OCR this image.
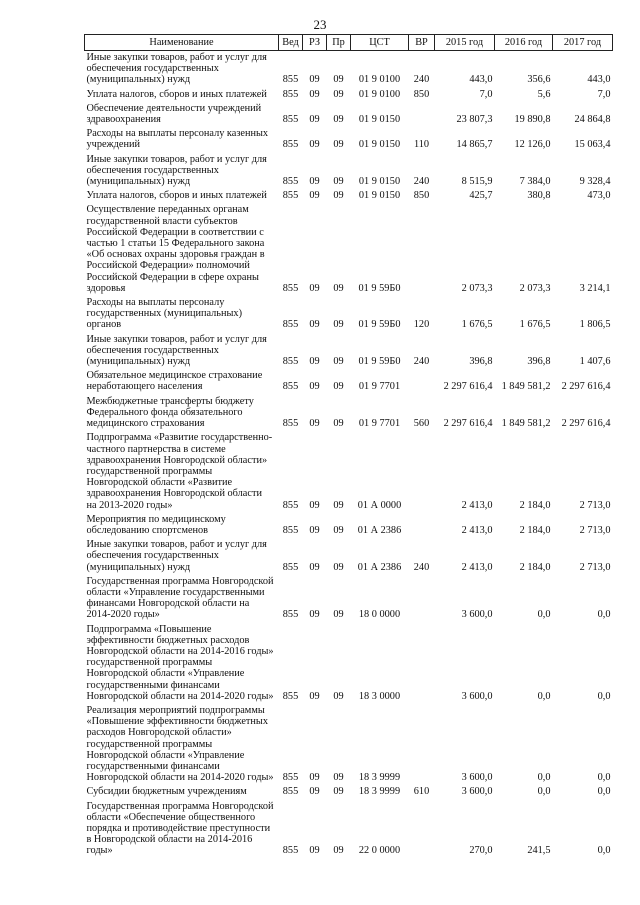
23
Наименование	Вед	РЗ	Пр	ЦСТ	ВР	2015 год	2016 год	2017 год
Иные закупки товаров, работ и услуг для обеспечения государственных (муниципальных) нужд	855	09	09	01 9 0100	240	443,0	356,6	443,0
Уплата налогов, сборов и иных платежей	855	09	09	01 9 0100	850	7,0	5,6	7,0
Обеспечение деятельности учреждений здравоохранения	855	09	09	01 9 0150		23 807,3	19 890,8	24 864,8
Расходы на выплаты персоналу казенных учреждений	855	09	09	01 9 0150	110	14 865,7	12 126,0	15 063,4
Иные закупки товаров, работ и услуг для обеспечения государственных (муниципальных) нужд	855	09	09	01 9 0150	240	8 515,9	7 384,0	9 328,4
Уплата налогов, сборов и иных платежей	855	09	09	01 9 0150	850	425,7	380,8	473,0
Осуществление переданных органам государственной власти субъектов Российской Федерации в соответствии с частью 1 статьи 15 Федерального закона «Об основах охраны здоровья граждан в Российской Федерации» полномочий Российской Федерации в сфере охраны здоровья	855	09	09	01 9 59Б0		2 073,3	2 073,3	3 214,1
Расходы на выплаты персоналу государственных (муниципальных) органов	855	09	09	01 9 59Б0	120	1 676,5	1 676,5	1 806,5
Иные закупки товаров, работ и услуг для обеспечения государственных (муниципальных) нужд	855	09	09	01 9 59Б0	240	396,8	396,8	1 407,6
Обязательное медицинское страхование неработающего населения	855	09	09	01 9 7701		2 297 616,4	1 849 581,2	2 297 616,4
Межбюджетные трансферты бюджету Федерального фонда обязательного медицинского страхования	855	09	09	01 9 7701	560	2 297 616,4	1 849 581,2	2 297 616,4
Подпрограмма «Развитие государственно-частного партнерства в системе здравоохранения Новгородской области» государственной программы Новгородской области «Развитие здравоохранения Новгородской области на 2013-2020 годы»	855	09	09	01 А 0000		2 413,0	2 184,0	2 713,0
Мероприятия по медицинскому обследованию спортсменов	855	09	09	01 А 2386		2 413,0	2 184,0	2 713,0
Иные закупки товаров, работ и услуг для обеспечения государственных (муниципальных) нужд	855	09	09	01 А 2386	240	2 413,0	2 184,0	2 713,0
Государственная программа Новгородской области «Управление государственными финансами Новгородской области на 2014-2020 годы»	855	09	09	18 0 0000		3 600,0	0,0	0,0
Подпрограмма «Повышение эффективности бюджетных расходов Новгородской области на 2014-2016 годы» государственной программы Новгородской области «Управление государственными финансами Новгородской области на 2014-2020 годы»	855	09	09	18 3 0000		3 600,0	0,0	0,0
Реализация мероприятий подпрограммы «Повышение эффективности бюджетных расходов Новгородской области» государственной программы Новгородской области «Управление государственными финансами Новгородской области на 2014-2020 годы»	855	09	09	18 3 9999		3 600,0	0,0	0,0
Субсидии бюджетным учреждениям	855	09	09	18 3 9999	610	3 600,0	0,0	0,0
Государственная программа Новгородской области «Обеспечение общественного порядка и противодействие преступности в Новгородской области на 2014-2016 годы»	855	09	09	22 0 0000		270,0	241,5	0,0
